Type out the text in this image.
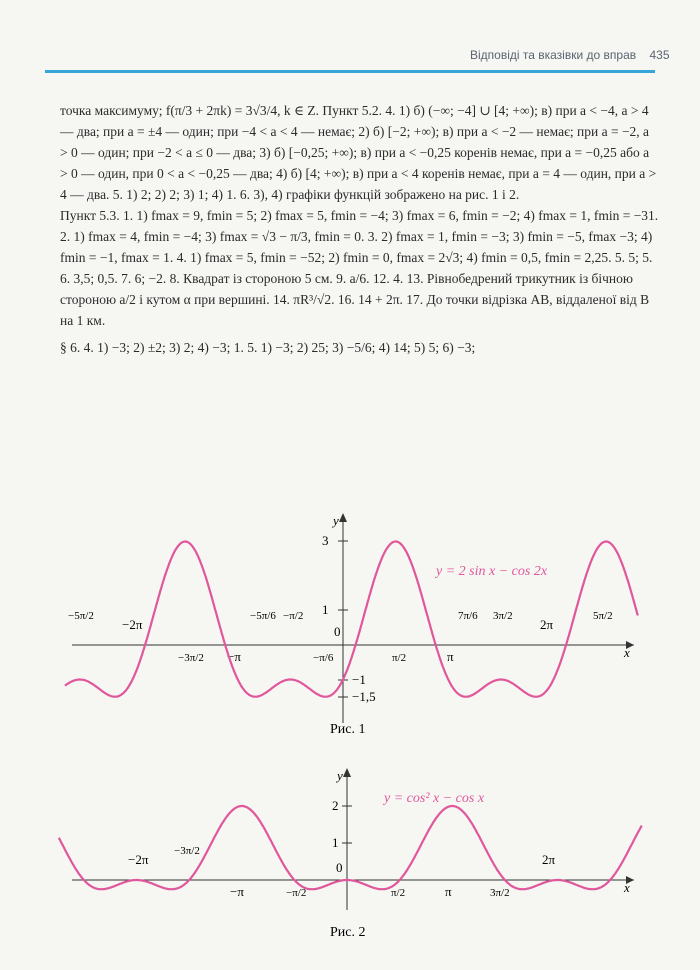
Відповіді та вказівки до вправ 435

точка максимуму; f(π/3 + 2πk) = 3√3/4, k ∈ Z. Пункт 5.2. 4. 1) б) (−∞; −4] ∪ [4; +∞); в) при a < −4, a > 4 — два; при a = ±4 — один; при −4 < a < 4 — немає; 2) б) [−2; +∞); в) при a < −2 — немає; при a = −2, a > 0 — один; при −2 < a ≤ 0 — два; 3) б) [−0,25; +∞); в) при a < −0,25 коренів немає, при a = −0,25 або a > 0 — один, при 0 < a < −0,25 — два; 4) б) [4; +∞); в) при a < 4 коренів немає, при a = 4 — один, при a > 4 — два. 5. 1) 2; 2) 2; 3) 1; 4) 1. 6. 3), 4) графіки функцій зображено на рис. 1 і 2.

Пункт 5.3. 1. 1) fmax = 9, fmin = 5; 2) fmax = 5, fmin = −4; 3) fmax = 6, fmin = −2; 4) fmax = 1, fmin = −31. 2. 1) fmax = 4, fmin = −4; 3) fmax = √3 − π/3, fmin = 0. 3. 2) fmax = 1, fmin = −3; 3) fmin = −5, fmax −3; 4) fmin = −1, fmax = 1. 4. 1) fmax = 5, fmin = −52; 2) fmin = 0, fmax = 2√3; 4) fmin = 0,5, fmin = 2,25. 5. 5; 5. 6. 3,5; 0,5. 7. 6; −2. 8. Квадрат із стороною 5 см. 9. a/6. 12. 4. 13. Рівнобедрений трикутник із бічною стороною a/2 і кутом α при вершині. 14. πR³/√2. 16. 14 + 2π. 17. До точки відрізка AB, віддаленої від B на 1 км.

§ 6. 4. 1) −3; 2) ±2; 3) 2; 4) −3; 1. 5. 1) −3; 2) 25; 3) −5/6; 4) 14; 5) 5; 6) −3;

x
y
3
1
−1
−1,5
0
−5π/2
−2π
−3π/2 −π
−5π/6 −π/2
−π/6	π/2	π
7π/6 3π/2
2π
5π/2
y = 2 sin x − cos 2x
Рис. 1
x
y
2
1
0
−2π
−3π/2
−π	−π/2	π/2	π	3π/2
2π
y = cos² x − cos x
Рис. 2
